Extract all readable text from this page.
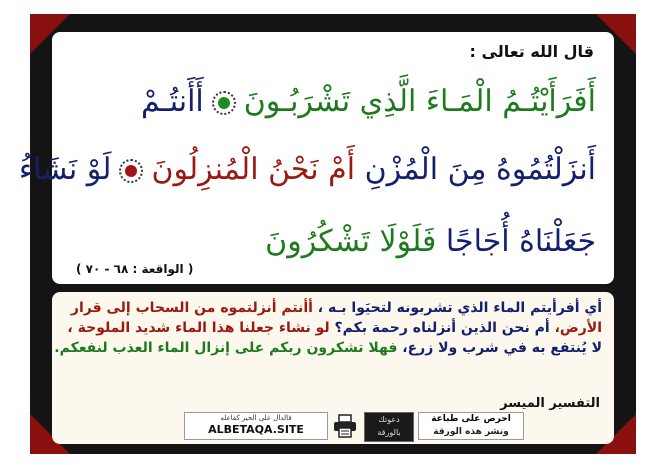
قال الله تعالى :
أَفَرَأَيْتُـمُ الْمَـاءَ الَّذِي تَشْرَبُـونَأَأَنتُـمْ
أَنزَلْتُمُوهُ مِنَ الْمُزْنِ أَمْ نَحْنُ الْمُنزِلُونَلَوْ نَشَاءُ
جَعَلْنَاهُ أُجَاجًا فَلَوْلَا تَشْكُرُونَ
( الواقعة : ٦٨ - ٧٠ )
أي أفرأيتم الماء الذي تشربونه لتحيَوا بـه ، أأنتم أنزلتموه من السحاب إلى قرار
الأرض، أم نحن الذين أنزلناه رحمة بكم؟ لو نشاء جعلنا هذا الماء شديد الملوحة ،
لا يُنتفع به في شرب ولا زرع، فهلا تشكرون ربكم على إنزال الماء العذب لنفعكم.
التفسير الميسر
فالدال على الخير كفاعله
ALBETAQA.SITE
دعوتك
بالورقة
احرص على طباعة
ونشر هذه الورقة
